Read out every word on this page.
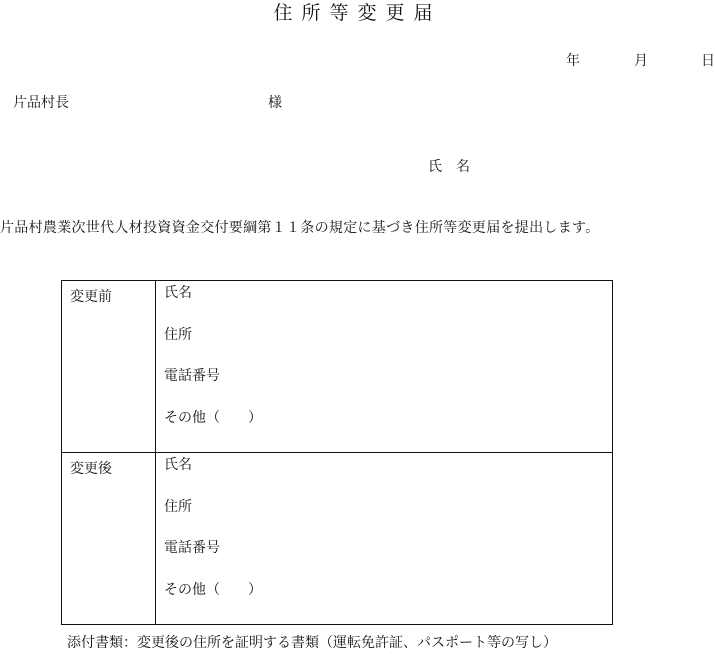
住所等変更届
年	月	日
片品村長	様
氏名
片品村農業次世代人材投資資金交付要綱第１１条の規定に基づき住所等変更届を提出します。
変更前	氏名
住所
電話番号
その他（ ）

変更後	氏名
住所
電話番号
その他（ ）
添付書類：変更後の住所を証明する書類（運転免許証、パスポート等の写し）
